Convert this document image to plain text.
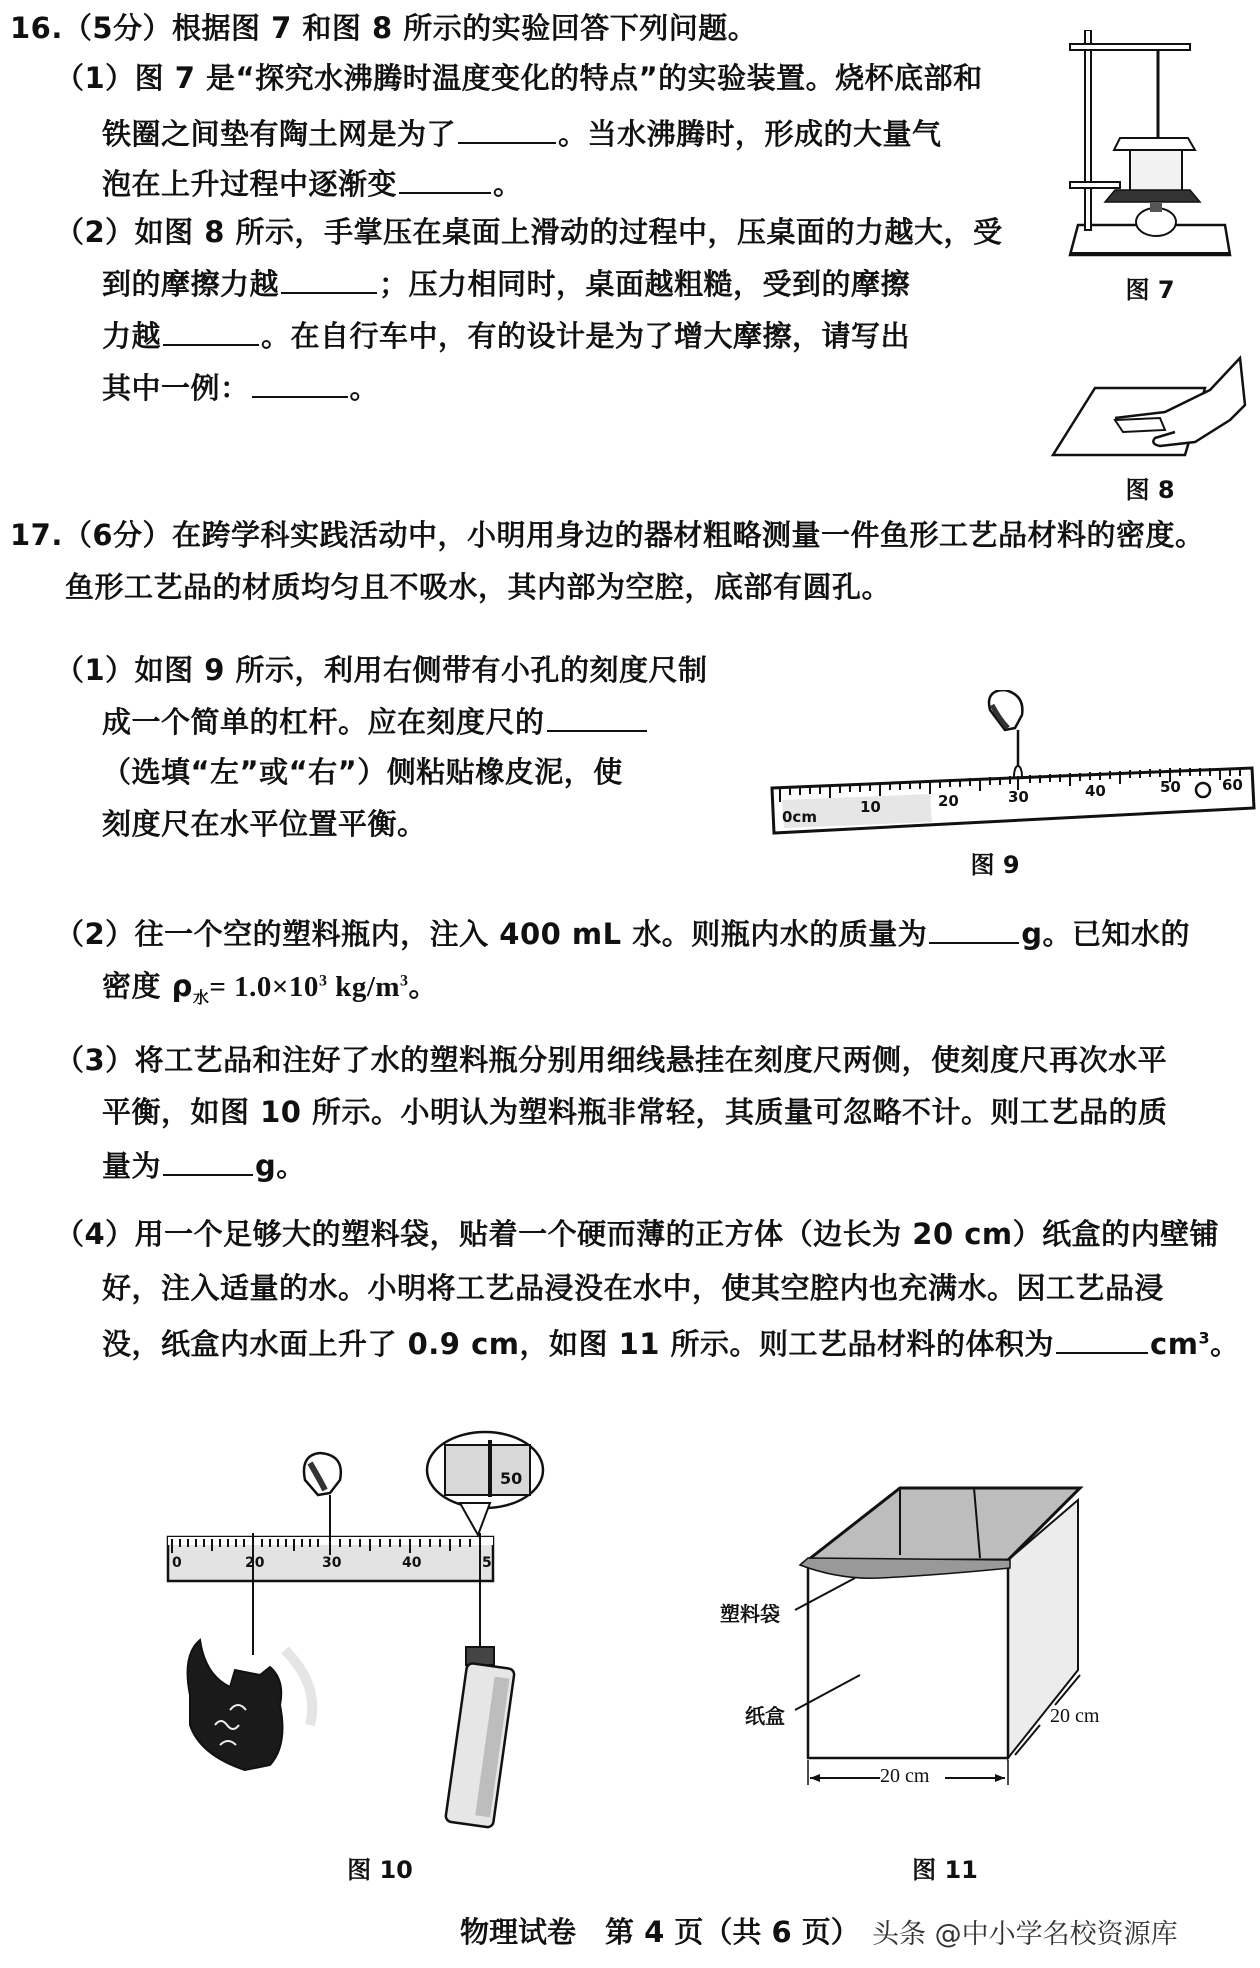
16.（5分）根据图 7 和图 8 所示的实验回答下列问题。
（1）图 7 是“探究水沸腾时温度变化的特点”的实验装置。烧杯底部和
铁圈之间垫有陶土网是为了	。当水沸腾时，形成的大量气
泡在上升过程中逐渐变	。
（2）如图 8 所示，手掌压在桌面上滑动的过程中，压桌面的力越大，受
到的摩擦力越	；压力相同时，桌面越粗糙，受到的摩擦
力越	。在自行车中，有的设计是为了增大摩擦，请写出
其中一例：	。
图 7
图 8
17.（6分）在跨学科实践活动中，小明用身边的器材粗略测量一件鱼形工艺品材料的密度。
鱼形工艺品的材质均匀且不吸水，其内部为空腔，底部有圆孔。
（1）如图 9 所示，利用右侧带有小孔的刻度尺制
成一个简单的杠杆。应在刻度尺的
（选填“左”或“右”）侧粘贴橡皮泥，使
刻度尺在水平位置平衡。	0cm
10	20	30	40	50	60
图 9
（2）往一个空的塑料瓶内，注入 400 mL 水。则瓶内水的质量为	g。已知水的
密度 $\rho_水= 1.0\times 10^3$ $kg/m^3$。
（3）将工艺品和注好了水的塑料瓶分别用细线悬挂在刻度尺两侧，使刻度尺再次水平
平衡，如图 10 所示。小明认为塑料瓶非常轻，其质量可忽略不计。则工艺品的质
量为	g。
（4）用一个足够大的塑料袋，贴着一个硬而薄的正方体（边长为 20 cm）纸盒的内壁铺
好，注入适量的水。小明将工艺品浸没在水中，使其空腔内也充满水。因工艺品浸
没，纸盒内水面上升了 0.9 cm，如图 11 所示。则工艺品材料的体积为	$cm^3$。
0	20	30	40	5
50
图 10
塑料袋
纸盒
20 cm
20 cm
图 11
物理试卷　第 4 页（共 6 页） 头条 @中小学名校资源库
